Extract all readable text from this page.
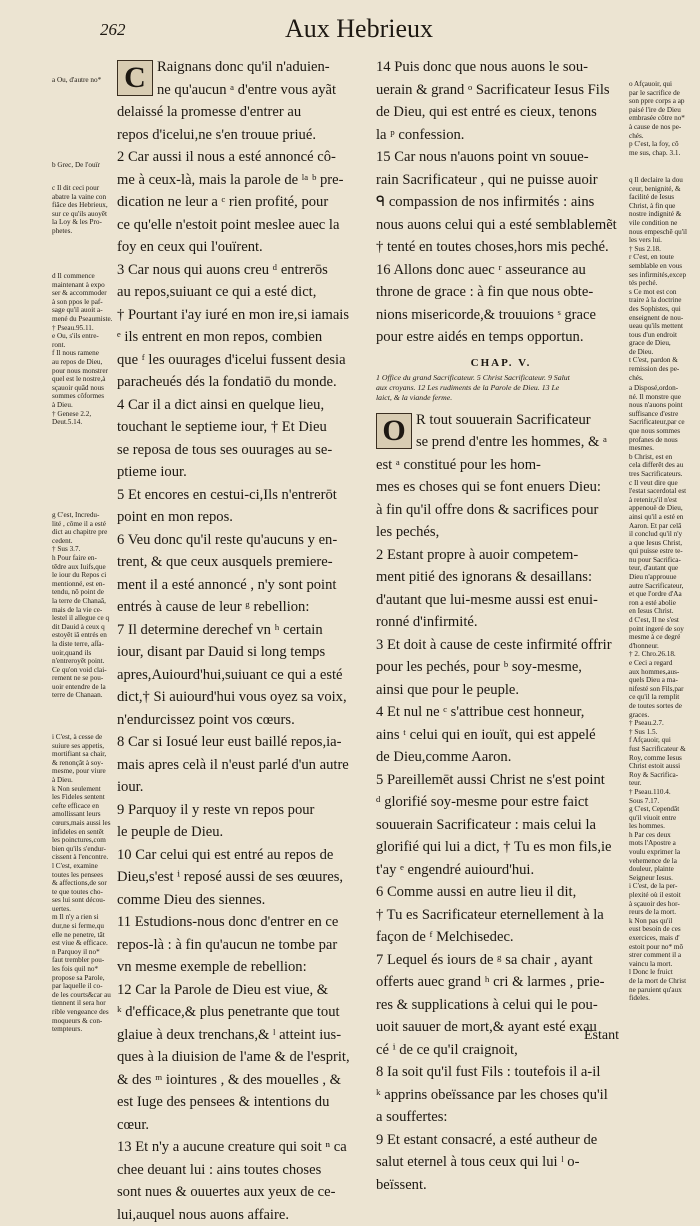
262	Aux Hebrieux
a Ou, d'autre no*
b Grec, De l'ouïr
c Il dit ceci pour
abatre la vaine con
fiãce des Hebrieux,
sur ce qu'ils auoyēt
la Loy & les Pro-
phetes.
d Il commence
maintenant à expo
ser & accommoder
à son ppos le paf-
sage qu'il auoit a-
mené du Pseaumiste.
† Pseau.95.11.
e Ou, s'ils entre-
ront.
f Il nous ramene
au repos de Dieu,
pour nous monstrer
quel est le nostre,à
sçauoir quād nous
sommes côformes
à Dieu.
† Genese 2.2,
Deut.5.14.
g C'est, Incredu-
lité , côme il a esté
dict au chapitre pre
cedent.
† Sus 3.7.
h Pour faire en-
tēdre aux Iuifs,que
le iour du Repos ci
mentionné, est en-
tendu, nō point de
la terre de Chanaã,
mais de la vie ce-
lestel il allegue ce q
dit Dauid à ceux q
estoyēt iā entrés en
la diste terre, aſſa-
uoir,quand ils
n'entreroyēt point.
Ce qu'on void clai-
rement ne se pou-
uoir entendre de la
terre de Chanaan.
i C'est, à cesse de
suiure ses appetis,
mortifiant sa chair,
& renonçãt à soy-
mesme, pour viure
à Dieu.
k Non seulement
les Fideles sentent
cefte efficace en
amollissant leurs
cœurs,mais aussi les
infideles en sentēt
les poinctures,com
bien qu'ils s'endur-
cissent à l'encontre.
l C'est, examine
toutes les pensees
& affections,de sor
te que toutes cho-
ses lui sont décou-
uertes.
m Il n'y a rien si
dur,ne si ferme,qu
elle ne penetre, tāt
est viue & efficace.
n Parquoy il no*
faut trembler pou-
les fois quil no*
propose sa Parole,
par laquelle il co-
de les courts&car au
tiennent il sera hor
rible vengeance des
moqueurs & con-
tempteurs.

C Raignans donc qu'il n'aduien-
ne qu'aucun ᵃ d'entre vous ayãt
delaissé la promesse d'entrer au
repos d'icelui,ne s'en trouue priué.

2 Car aussi il nous a esté annoncé cô-
me à ceux-là, mais la parole de ˡᵃ ᵇ pre-
dication ne leur a ᶜ rien profité, pour
ce qu'elle n'estoit point meslee auec la
foy en ceux qui l'ouïrent.

3 Car nous qui auons creu ᵈ entrerōs
au repos,suiuant ce qui a esté dict,
† Pourtant i'ay iuré en mon ire,si iamais
ᵉ ils entrent en mon repos, combien
que ᶠ les ouurages d'icelui fussent desia
paracheués dés la fondatiō du monde.

4 Car il a dict ainsi en quelque lieu,
touchant le septieme iour, † Et Dieu
se reposa de tous ses ouurages au se-
ptieme iour.

5 Et encores en cestui-ci,Ils n'entrerōt
point en mon repos.

6 Veu donc qu'il reste qu'aucuns y en-
trent, & que ceux ausquels premiere-
ment il a esté annoncé , n'y sont point
entrés à cause de leur ᵍ rebellion:

7 Il determine derechef vn ʰ certain
iour, disant par Dauid si long temps
apres,Auiourd'hui,suiuant ce qui a esté
dict,† Si auiourd'hui vous oyez sa voix,
n'endurcissez point vos cœurs.

8 Car si Iosué leur eust baillé repos,ia-
mais apres celà il n'eust parlé d'un autre
iour.

9 Parquoy il y reste vn repos pour
le peuple de Dieu.

10 Car celui qui est entré au repos de
Dieu,s'est ⁱ reposé aussi de ses œuures,
comme Dieu des siennes.

11 Estudions-nous donc d'entrer en ce
repos-là : à fin qu'aucun ne tombe par
vn mesme exemple de rebellion:

12 Car la Parole de Dieu est viue, &
ᵏ d'efficace,& plus penetrante que tout
glaiue à deux trenchans,& ˡ atteint ius-
ques à la diuision de l'ame & de l'esprit,
& des ᵐ iointures , & des mouelles , &
est Iuge des pensees & intentions du
cœur.

13 Et n'y a aucune creature qui soit ⁿ ca
chee deuant lui : ains toutes choses
sont nues & ouuertes aux yeux de ce-
lui,auquel nous auons affaire.

14 Puis donc que nous auons le sou-
uerain & grand ᵒ Sacrificateur Iesus Fils
de Dieu, qui est entré es cieux, tenons
la ᵖ confession.

15 Car nous n'auons point vn souue-
rain Sacrificateur , qui ne puisse auoir
ᑫ compassion de nos infirmités : ains
nous auons celui qui a esté semblablemẽt
† tenté en toutes choses,hors mis peché.

16 Allons donc auec ʳ asseurance au
throne de grace : à fin que nous obte-
nions misericorde,& trouuions ˢ grace
pour estre aidés en temps opportun.

CHAP. V.
1 Office du grand Sacrificateur. 5 Christ Sacrificateur. 9 Salut
aux croyans. 12 Les rudiments de la Parole de Dieu. 13 Le
laict, & la viande ferme.

O R tout souuerain Sacrificateur
se prend d'entre les hommes, & ᵃ
est ᵃ constitué pour les hom-
mes es choses qui se font enuers Dieu:
à fin qu'il offre dons & sacrifices pour
les pechés,

2 Estant propre à auoir competem-
ment pitié des ignorans & desaillans:
d'autant que lui-mesme aussi est enui-
ronné d'infirmité.

3 Et doit à cause de ceste infirmité offrir
pour les pechés, pour ᵇ soy-mesme,
ainsi que pour le peuple.

4 Et nul ne ᶜ s'attribue cest honneur,
ains ᵗ celui qui en iouït, qui est appelé
de Dieu,comme Aaron.

5 Pareillemēt aussi Christ ne s'est point
ᵈ glorifié soy-mesme pour estre faict
souuerain Sacrificateur : mais celui la
glorifié qui lui a dict, † Tu es mon fils,ie
t'ay ᵉ engendré auiourd'hui.

6 Comme aussi en autre lieu il dit,
† Tu es Sacrificateur eternellement à la
façon de ᶠ Melchisedec.

7 Lequel és iours de ᵍ sa chair , ayant
offerts auec grand ʰ cri & larmes , prie-
res & supplications à celui qui le pou-
uoit sauuer de mort,& ayant esté exau
cé ⁱ de ce qu'il craignoit,

8 Ia soit qu'il fust Fils : toutefois il a-il
ᵏ apprins obeïssance par les choses qu'il
a souffertes:

9 Et estant consacré, a esté autheur de
salut eternel à tous ceux qui lui ˡ o-
beïssent.

o Afçauoir, qui
par le sacrifice de
son ppre corps a ap
paisé l'ire de Dieu
embrasée côtre no*
à cause de nos pe-
chés.
p C'est, la foy, cō
me sus, chap. 3.1.
q Il declaire la dou
ceur, benignité, &
facilité de Iesus
Christ, à fin que
nostre indignité &
vile condition ne
nous empeschē qu'il
les vers lui.
† Sus 2.18.
r C'est, en toute
semblable en vous
ses infirmités,excep
tés peché.
s Ce mot est con
traire à la doctrine
des Sophistes, qui
enseignent de nou-
ueau qu'ils mettent
tous d'un endroit
grace de Dieu,
de Dieu.
t C'est, pardon &
remission des pe-
chés.
a Disposé,ordon-
né. Il monstre que
nous n'auons point
suffisance d'estre
Sacrificateur,par ce
que nous sommes
profanes de nous
mesmes.
b Christ, est en
cela differēt des au
tres Sacrificateurs.
c Il veut dire que
l'estat sacerdotal est
à retenir,s'il n'est
appenouë de Dieu,
ainsi qu'il a esté en
Aaron. Et par celā
il conclud qu'il n'y
a que Iesus Christ,
qui puisse estre te-
nu pour Sacrifica-
teur, d'autant que
Dieu n'approuue
autre Sacrificateur,
et que l'ordre d'Aa
ron a esté abolie
en Iesus Christ.
d C'est, Il ne s'est
point ingeré de soy
mesme à ce degré
d'honneur.
† 2. Chro.26.18.
e Ceci a regard
aux hommes,aus-
quels Dieu a ma-
nifesté son Fils,par
ce qu'il la remplit
de toutes sortes de
graces.
† Pseau.2.7.
† Sus 1.5.
f Afçauoir, qui
fust Sacrificateur &
Roy, comme Iesus
Christ estoit aussi
Roy & Sacrifica-
teur.
† Pseau.110.4.
Sous 7.17.
g C'est, Cependāt
qu'il viuoit entre
les hommes.
h Par ces deux
mots l'Apostre a
voulu exprimer la
vehemence de la
douleur, plainte
Seigneur Iesus.
i C'est, de la per-
plexité où il estoit
à sçauoir des hor-
reurs de la mort.
k Non pas qu'il
eust besoin de ces
exercices, mais d'
estoit pour no* mō
strer comment il a
vaincu la mort.
l Donc le fruict
de la mort de Christ
ne paruient qu'aux
fideles.
Estant
